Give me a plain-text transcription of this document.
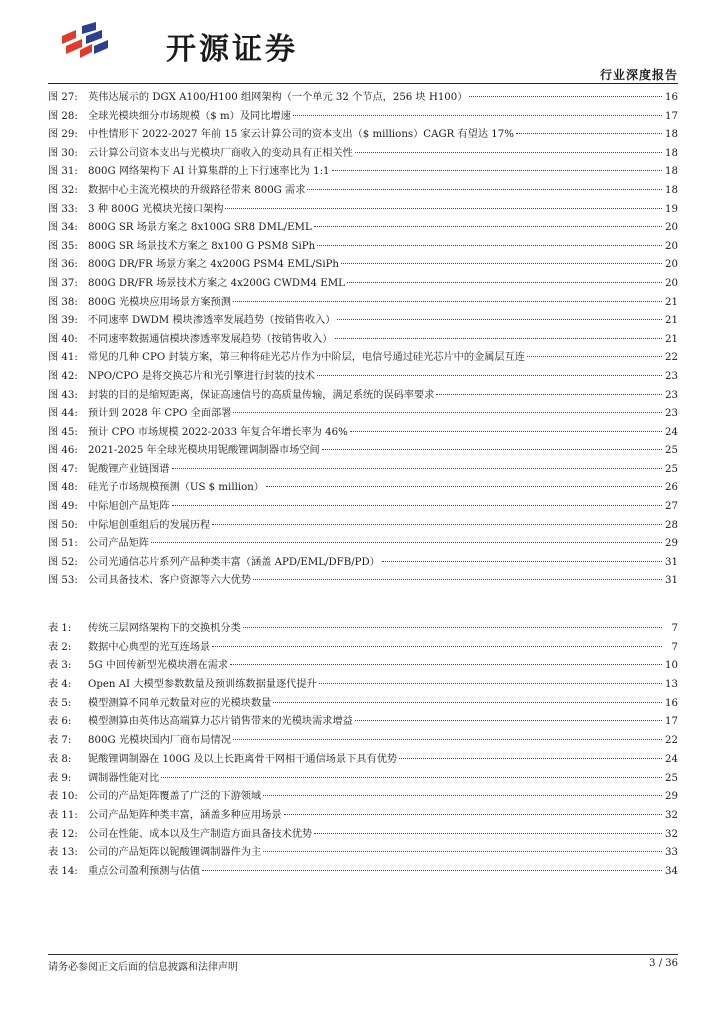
开源证券
行业深度报告
图 27: 英伟达展示的 DGX A100/H100 组网架构（一个单元 32 个节点，256 块 H100）	16
图 28: 全球光模块细分市场规模（$ m）及同比增速	17
图 29: 中性情形下 2022-2027 年前 15 家云计算公司的资本支出（$ millions）CAGR 有望达 17%	18
图 30: 云计算公司资本支出与光模块厂商收入的变动具有正相关性	18
图 31: 800G 网络架构下 AI 计算集群的上下行速率比为 1:1	18
图 32: 数据中心主流光模块的升级路径带来 800G 需求	18
图 33: 3 种 800G 光模块光接口架构	19
图 34: 800G SR 场景方案之 8x100G SR8 DML/EML	20
图 35: 800G SR 场景技术方案之 8x100 G PSM8 SiPh	20
图 36: 800G DR/FR 场景方案之 4x200G PSM4 EML/SiPh	20
图 37: 800G DR/FR 场景技术方案之 4x200G CWDM4 EML	20
图 38: 800G 光模块应用场景方案预测	21
图 39: 不同速率 DWDM 模块渗透率发展趋势（按销售收入）	21
图 40: 不同速率数据通信模块渗透率发展趋势（按销售收入）	21
图 41: 常见的几种 CPO 封装方案，第三种将硅光芯片作为中阶层，电信号通过硅光芯片中的金属层互连	22
图 42: NPO/CPO 是将交换芯片和光引擎进行封装的技术	23
图 43: 封装的目的是缩短距离，保证高速信号的高质量传输，满足系统的误码率要求	23
图 44: 预计到 2028 年 CPO 全面部署	23
图 45: 预计 CPO 市场规模 2022-2033 年复合年增长率为 46%	24
图 46: 2021-2025 年全球光模块用铌酸锂调制器市场空间	25
图 47: 铌酸锂产业链图谱	25
图 48: 硅光子市场规模预测（US $ million）	26
图 49: 中际旭创产品矩阵	27
图 50: 中际旭创重组后的发展历程	28
图 51: 公司产品矩阵	29
图 52: 公司光通信芯片系列产品种类丰富（涵盖 APD/EML/DFB/PD）	31
图 53: 公司具备技术、客户资源等六大优势	31
表 1:	传统三层网络架构下的交换机分类	7
表 2:	数据中心典型的光互连场景	7
表 3:	5G 中回传新型光模块潜在需求	10
表 4:	Open AI 大模型参数数量及预训练数据量逐代提升	13
表 5:	模型测算不同单元数量对应的光模块数量	16
表 6:	模型测算由英伟达高端算力芯片销售带来的光模块需求增益	17
表 7:	800G 光模块国内厂商布局情况	22
表 8:	铌酸锂调制器在 100G 及以上长距离骨干网相干通信场景下具有优势	24
表 9:	调制器性能对比	25
表 10: 公司的产品矩阵覆盖了广泛的下游领域	29
表 11: 公司产品矩阵种类丰富，涵盖多种应用场景	32
表 12: 公司在性能、成本以及生产制造方面具备技术优势	32
表 13: 公司的产品矩阵以铌酸锂调制器件为主	33
表 14: 重点公司盈利预测与估值	34
请务必参阅正文后面的信息披露和法律声明	3 / 36
